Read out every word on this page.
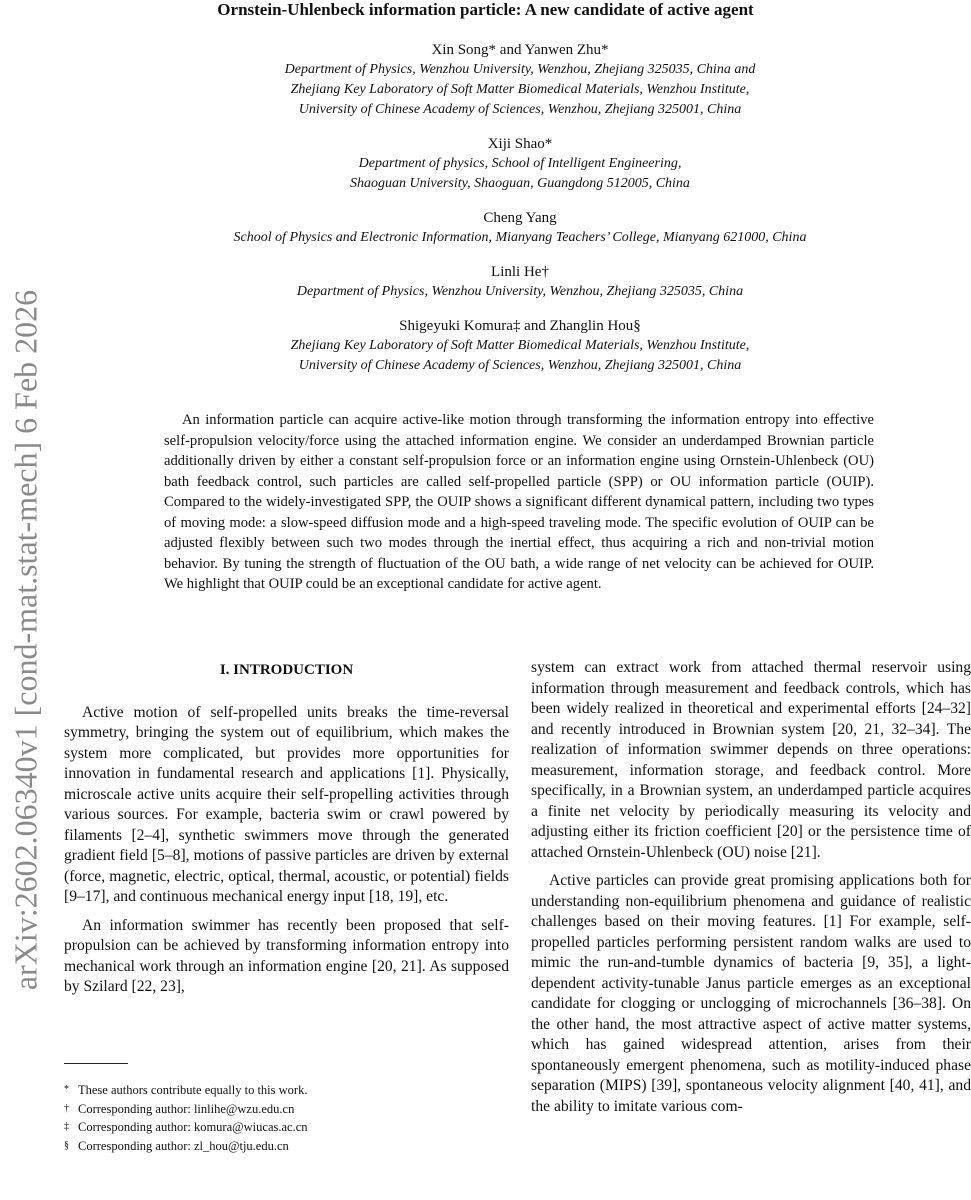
arXiv:2602.06340v1 [cond-mat.stat-mech] 6 Feb 2026
Ornstein-Uhlenbeck information particle: A new candidate of active agent
Xin Song* and Yanwen Zhu*
Department of Physics, Wenzhou University, Wenzhou, Zhejiang 325035, China and
Zhejiang Key Laboratory of Soft Matter Biomedical Materials, Wenzhou Institute,
University of Chinese Academy of Sciences, Wenzhou, Zhejiang 325001, China
Xiji Shao*
Department of physics, School of Intelligent Engineering,
Shaoguan University, Shaoguan, Guangdong 512005, China
Cheng Yang
School of Physics and Electronic Information, Mianyang Teachers’ College, Mianyang 621000, China
Linli He†
Department of Physics, Wenzhou University, Wenzhou, Zhejiang 325035, China
Shigeyuki Komura‡ and Zhanglin Hou§
Zhejiang Key Laboratory of Soft Matter Biomedical Materials, Wenzhou Institute,
University of Chinese Academy of Sciences, Wenzhou, Zhejiang 325001, China
An information particle can acquire active-like motion through transforming the information entropy into effective self-propulsion velocity/force using the attached information engine. We consider an underdamped Brownian particle additionally driven by either a constant self-propulsion force or an information engine using Ornstein-Uhlenbeck (OU) bath feedback control, such particles are called self-propelled particle (SPP) or OU information particle (OUIP). Compared to the widely-investigated SPP, the OUIP shows a significant different dynamical pattern, including two types of moving mode: a slow-speed diffusion mode and a high-speed traveling mode. The specific evolution of OUIP can be adjusted flexibly between such two modes through the inertial effect, thus acquiring a rich and non-trivial motion behavior. By tuning the strength of fluctuation of the OU bath, a wide range of net velocity can be achieved for OUIP. We highlight that OUIP could be an exceptional candidate for active agent.
I. INTRODUCTION

Active motion of self-propelled units breaks the time-reversal symmetry, bringing the system out of equilibrium, which makes the system more complicated, but provides more opportunities for innovation in fundamental research and applications [1]. Physically, microscale active units acquire their self-propelling activities through various sources. For example, bacteria swim or crawl powered by filaments [2–4], synthetic swimmers move through the generated gradient field [5–8], motions of passive particles are driven by external (force, magnetic, electric, optical, thermal, acoustic, or potential) fields [9–17], and continuous mechanical energy input [18, 19], etc.

An information swimmer has recently been proposed that self-propulsion can be achieved by transforming information entropy into mechanical work through an information engine [20, 21]. As supposed by Szilard [22, 23],

system can extract work from attached thermal reservoir using information through measurement and feedback controls, which has been widely realized in theoretical and experimental efforts [24–32] and recently introduced in Brownian system [20, 21, 32–34]. The realization of information swimmer depends on three operations: measurement, information storage, and feedback control. More specifically, in a Brownian system, an underdamped particle acquires a finite net velocity by periodically measuring its velocity and adjusting either its friction coefficient [20] or the persistence time of attached Ornstein-Uhlenbeck (OU) noise [21].

Active particles can provide great promising applications both for understanding non-equilibrium phenomena and guidance of realistic challenges based on their moving features. [1] For example, self-propelled particles performing persistent random walks are used to mimic the run-and-tumble dynamics of bacteria [9, 35], a light-dependent activity-tunable Janus particle emerges as an exceptional candidate for clogging or unclogging of microchannels [36–38]. On the other hand, the most attractive aspect of active matter systems, which has gained widespread attention, arises from their spontaneously emergent phenomena, such as motility-induced phase separation (MIPS) [39], spontaneous velocity alignment [40, 41], and the ability to imitate various com-

* These authors contribute equally to this work.
† Corresponding author: linlihe@wzu.edu.cn
‡ Corresponding author: komura@wiucas.ac.cn
§ Corresponding author: zl_hou@tju.edu.cn
